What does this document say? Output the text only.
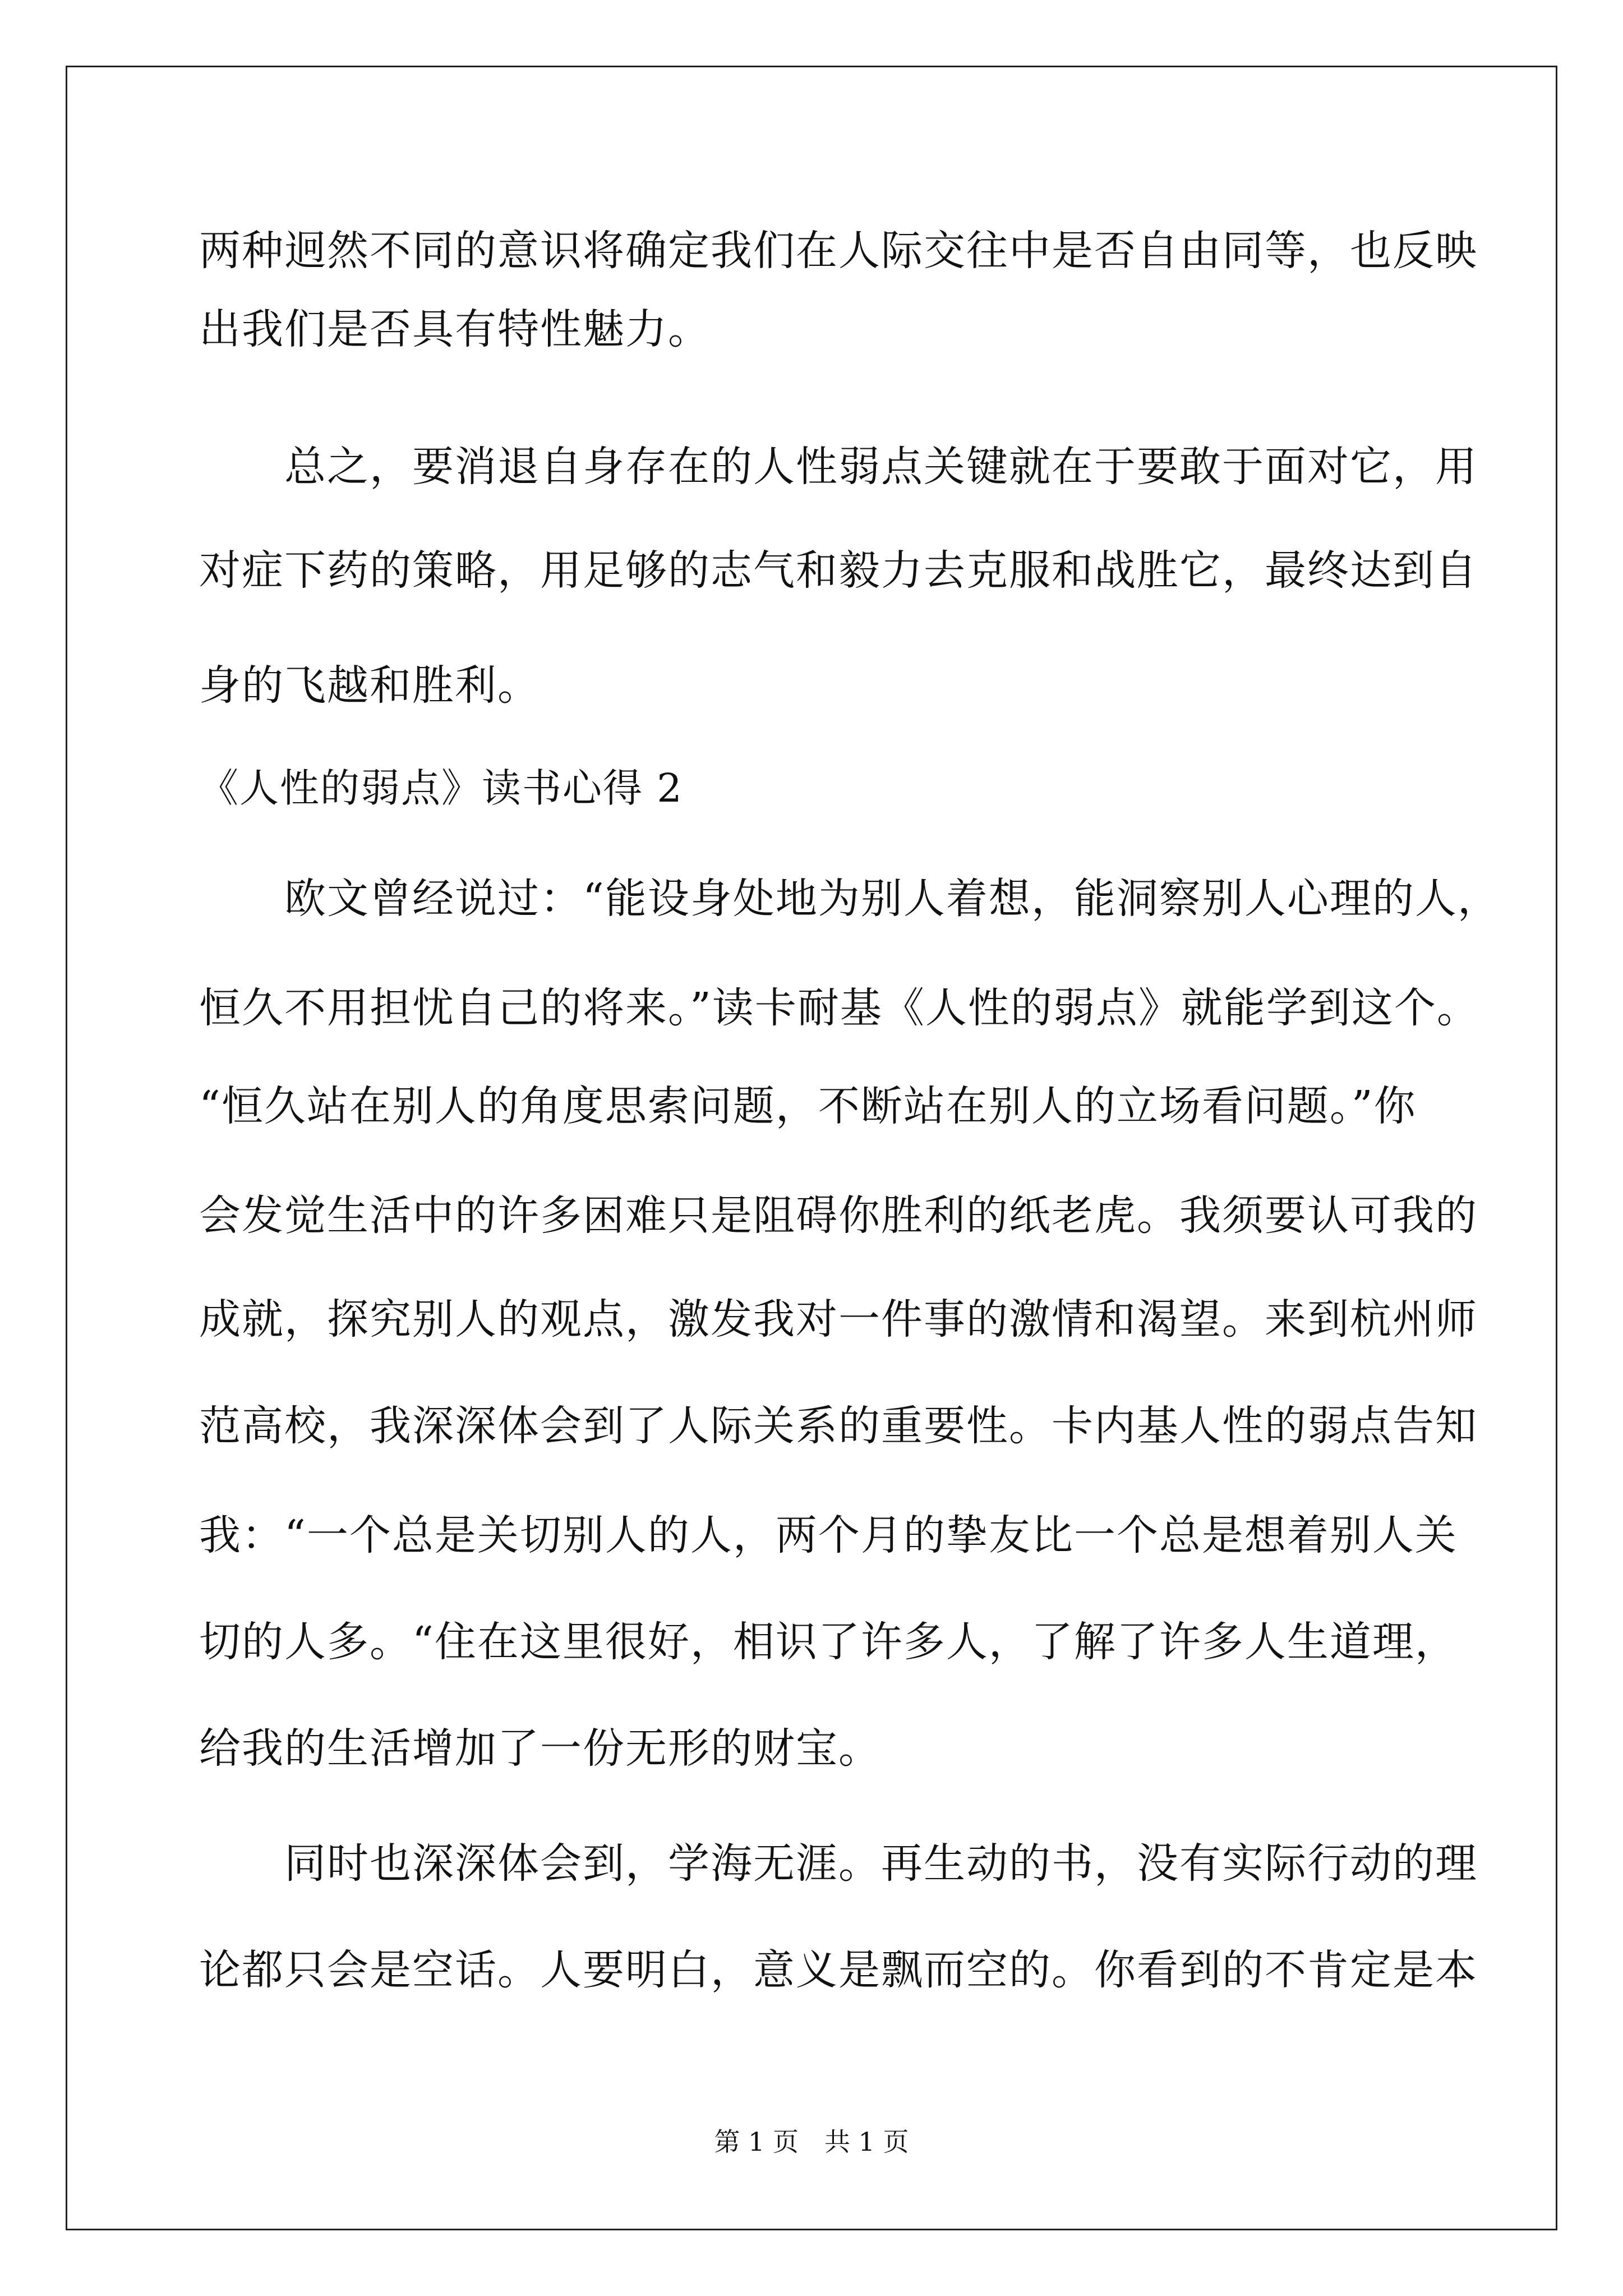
两种迥然不同的意识将确定我们在人际交往中是否自由同等，也反映
出我们是否具有特性魅力。
　　总之，要消退自身存在的人性弱点关键就在于要敢于面对它，用
对症下药的策略，用足够的志气和毅力去克服和战胜它，最终达到自
身的飞越和胜利。
《人性的弱点》读书心得 2
　　欧文曾经说过：“能设身处地为别人着想，能洞察别人心理的人，
恒久不用担忧自己的将来。”读卡耐基《人性的弱点》就能学到这个。
“恒久站在别人的角度思索问题，不断站在别人的立场看问题。”你
会发觉生活中的许多困难只是阻碍你胜利的纸老虎。我须要认可我的
成就，探究别人的观点，激发我对一件事的激情和渴望。来到杭州师
范高校，我深深体会到了人际关系的重要性。卡内基人性的弱点告知
我：“一个总是关切别人的人，两个月的挚友比一个总是想着别人关
切的人多。“住在这里很好，相识了许多人，了解了许多人生道理，
给我的生活增加了一份无形的财宝。
　　同时也深深体会到，学海无涯。再生动的书，没有实际行动的理
论都只会是空话。人要明白，意义是飘而空的。你看到的不肯定是本
第 1 页 共 1 页
